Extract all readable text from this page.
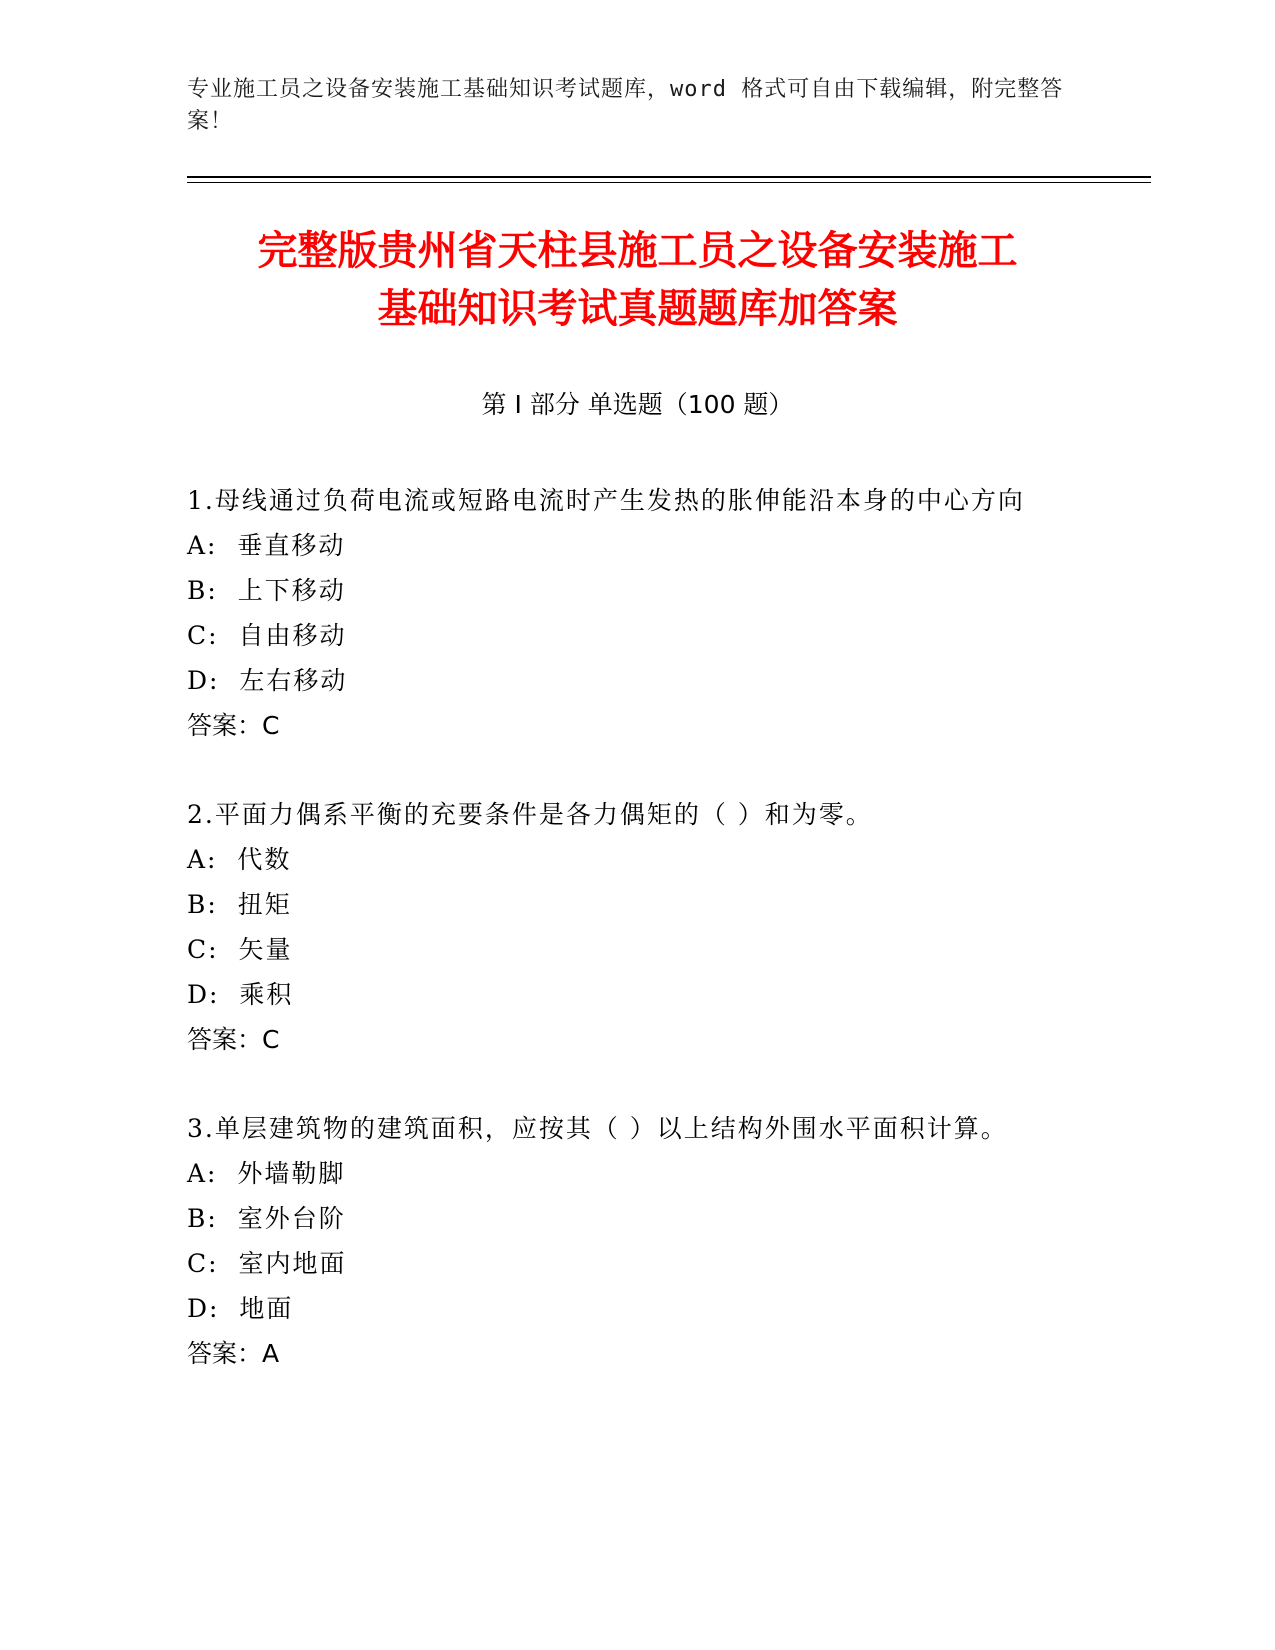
专业施工员之设备安装施工基础知识考试题库，word 格式可自由下载编辑，附完整答案！
完整版贵州省天柱县施工员之设备安装施工
基础知识考试真题题库加答案
第 I 部分 单选题（100 题）
1.母线通过负荷电流或短路电流时产生发热的胀伸能沿本身的中心方向
A:  垂直移动
B:  上下移动
C:  自由移动
D:  左右移动
答案：C
2.平面力偶系平衡的充要条件是各力偶矩的（ ）和为零。
A:  代数
B:  扭矩
C:  矢量
D:  乘积
答案：C
3.单层建筑物的建筑面积，应按其（ ）以上结构外围水平面积计算。
A:  外墙勒脚
B:  室外台阶
C:  室内地面
D:  地面
答案：A
